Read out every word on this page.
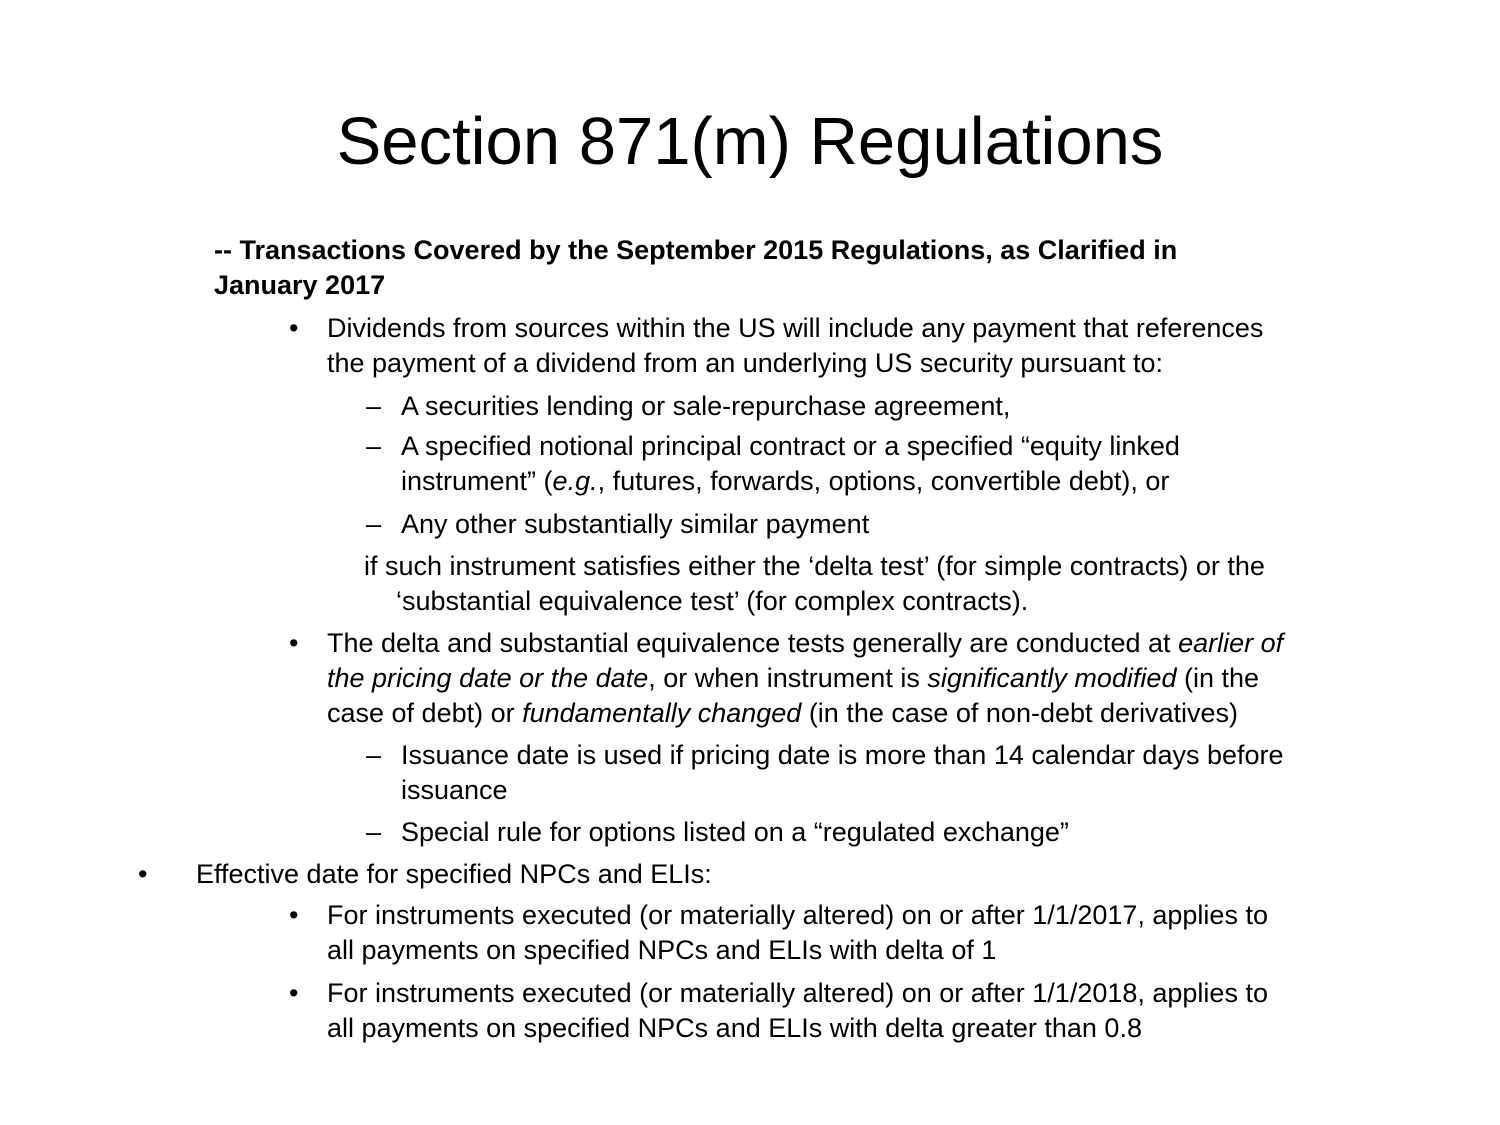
Section 871(m) Regulations
-- Transactions Covered by the September 2015 Regulations, as Clarified in
January 2017
• Dividends from sources within the US will include any payment that references
the payment of a dividend from an underlying US security pursuant to:
– A securities lending or sale-repurchase agreement,
– A specified notional principal contract or a specified “equity linked
instrument” (e.g., futures, forwards, options, convertible debt), or
– Any other substantially similar payment
if such instrument satisfies either the ‘delta test’ (for simple contracts) or the
‘substantial equivalence test’ (for complex contracts).
• The delta and substantial equivalence tests generally are conducted at earlier of
the pricing date or the date, or when instrument is significantly modified (in the
case of debt) or fundamentally changed (in the case of non-debt derivatives)
– Issuance date is used if pricing date is more than 14 calendar days before
issuance
– Special rule for options listed on a “regulated exchange”
• Effective date for specified NPCs and ELIs:
• For instruments executed (or materially altered) on or after 1/1/2017, applies to
all payments on specified NPCs and ELIs with delta of 1
• For instruments executed (or materially altered) on or after 1/1/2018, applies to
all payments on specified NPCs and ELIs with delta greater than 0.8
